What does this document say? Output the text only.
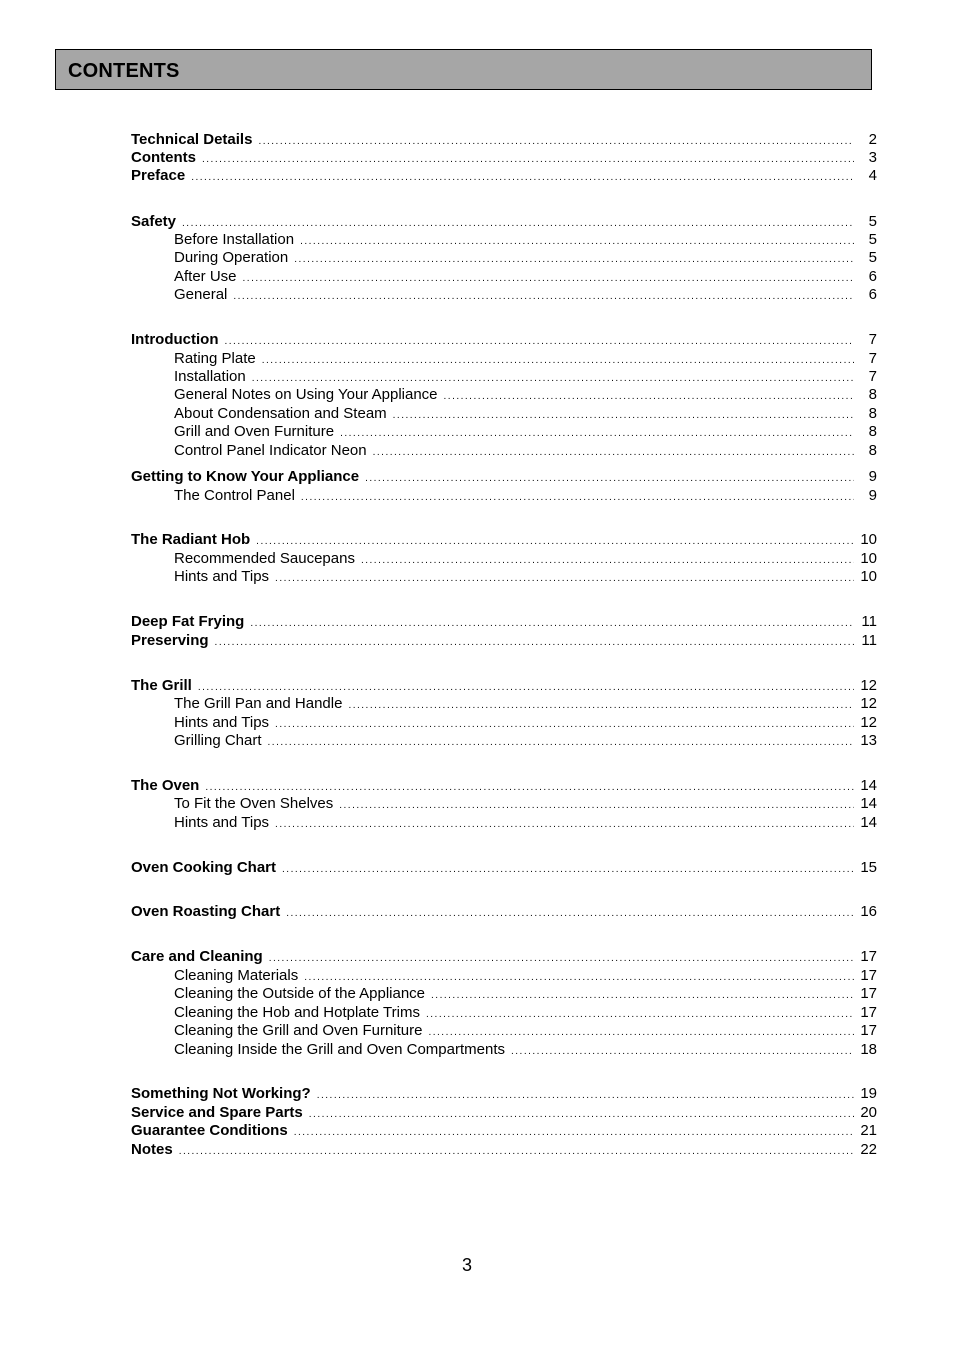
CONTENTS
Technical Details .....	2
Contents .....	3
Preface .....	4
Safety .....	5
Before Installation .....	5
During Operation .....	5
After Use .....	6
General .....	6
Introduction .....	7
Rating Plate .....	7
Installation .....	7
General Notes on Using Your Appliance .....	8
About Condensation and Steam .....	8
Grill and Oven Furniture .....	8
Control Panel Indicator Neon .....	8
Getting to Know Your Appliance .....	9
The Control Panel .....	9
The Radiant Hob .....	10
Recommended Saucepans .....	10
Hints and Tips .....	10
Deep Fat Frying .....	11
Preserving .....	11
The Grill .....	12
The Grill Pan and Handle .....	12
Hints and Tips .....	12
Grilling Chart .....	13
The Oven .....	14
To Fit the Oven Shelves .....	14
Hints and Tips .....	14
Oven Cooking Chart .....	15
Oven Roasting Chart .....	16
Care and Cleaning .....	17
Cleaning Materials .....	17
Cleaning the Outside of the Appliance .....	17
Cleaning the Hob and Hotplate Trims .....	17
Cleaning the Grill and Oven Furniture .....	17
Cleaning Inside the Grill and Oven Compartments .....	18
Something Not Working? .....	19
Service and Spare Parts .....	20
Guarantee Conditions .....	21
Notes .....	22
3
